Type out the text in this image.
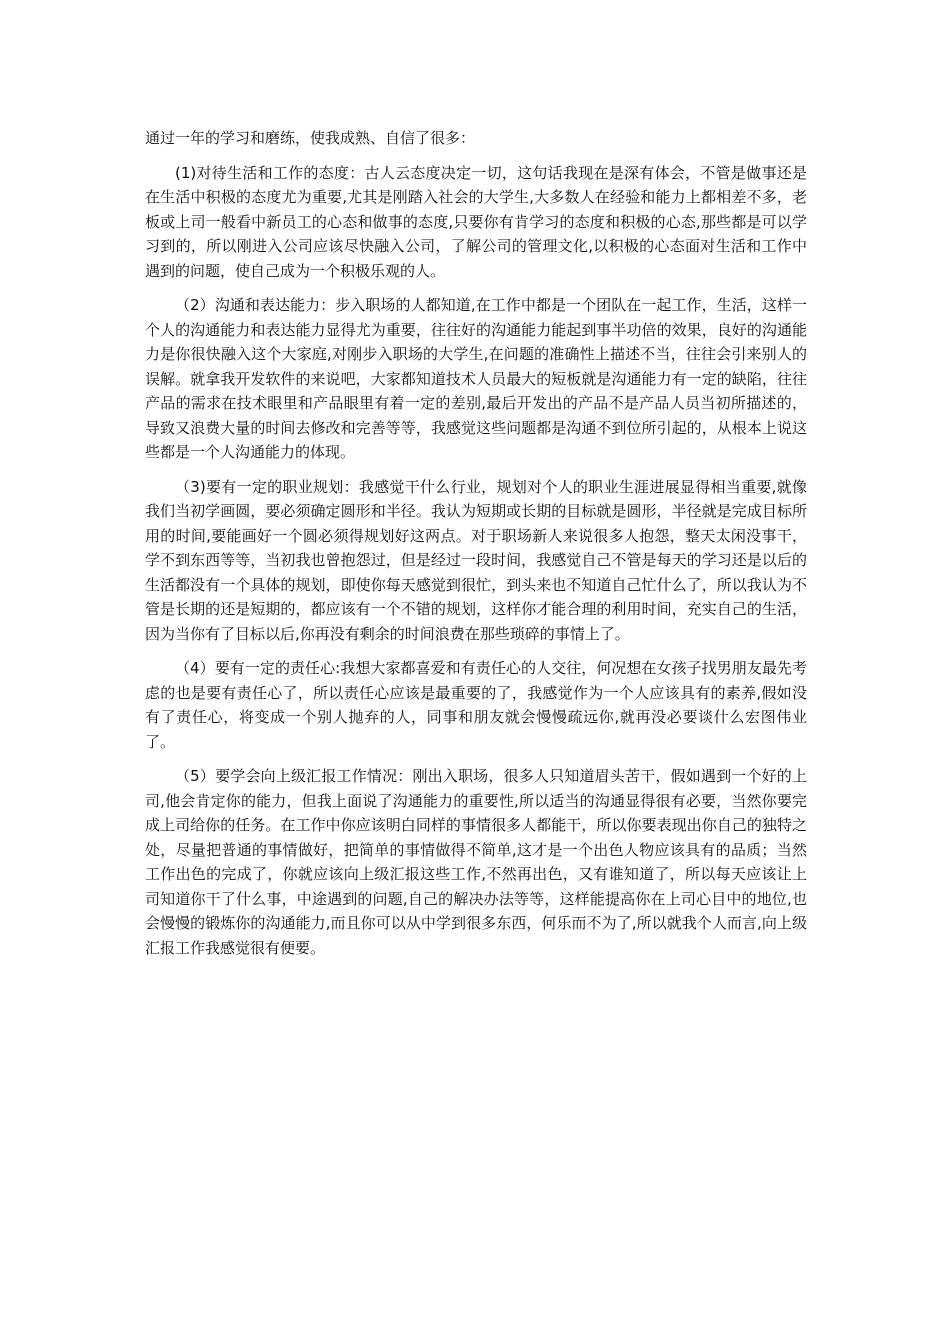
通过一年的学习和磨练，使我成熟、自信了很多：

(1)对待生活和工作的态度：古人云态度决定一切，这句话我现在是深有体会，不管是做事还是在生活中积极的态度尤为重要,尤其是刚踏入社会的大学生,大多数人在经验和能力上都相差不多，老板或上司一般看中新员工的心态和做事的态度,只要你有肯学习的态度和积极的心态,那些都是可以学习到的，所以刚进入公司应该尽快融入公司，了解公司的管理文化,以积极的心态面对生活和工作中遇到的问题，使自己成为一个积极乐观的人。

（2）沟通和表达能力：步入职场的人都知道,在工作中都是一个团队在一起工作，生活，这样一个人的沟通能力和表达能力显得尤为重要，往往好的沟通能力能起到事半功倍的效果，良好的沟通能力是你很快融入这个大家庭,对刚步入职场的大学生,在问题的准确性上描述不当，往往会引来别人的误解。就拿我开发软件的来说吧，大家都知道技术人员最大的短板就是沟通能力有一定的缺陷，往往产品的需求在技术眼里和产品眼里有着一定的差别,最后开发出的产品不是产品人员当初所描述的，导致又浪费大量的时间去修改和完善等等，我感觉这些问题都是沟通不到位所引起的，从根本上说这些都是一个人沟通能力的体现。

（3)要有一定的职业规划：我感觉干什么行业，规划对个人的职业生涯进展显得相当重要,就像我们当初学画圆，要必须确定圆形和半径。我认为短期或长期的目标就是圆形，半径就是完成目标所用的时间,要能画好一个圆必须得规划好这两点。对于职场新人来说很多人抱怨，整天太闲没事干，学不到东西等等，当初我也曾抱怨过，但是经过一段时间，我感觉自己不管是每天的学习还是以后的生活都没有一个具体的规划，即使你每天感觉到很忙，到头来也不知道自己忙什么了，所以我认为不管是长期的还是短期的，都应该有一个不错的规划，这样你才能合理的利用时间，充实自己的生活，因为当你有了目标以后,你再没有剩余的时间浪费在那些琐碎的事情上了。

（4）要有一定的责任心:我想大家都喜爱和有责任心的人交往，何况想在女孩子找男朋友最先考虑的也是要有责任心了，所以责任心应该是最重要的了，我感觉作为一个人应该具有的素养,假如没有了责任心，将变成一个别人抛弃的人，同事和朋友就会慢慢疏远你,就再没必要谈什么宏图伟业了。

（5）要学会向上级汇报工作情况：刚出入职场，很多人只知道眉头苦干，假如遇到一个好的上司,他会肯定你的能力，但我上面说了沟通能力的重要性,所以适当的沟通显得很有必要，当然你要完成上司给你的任务。在工作中你应该明白同样的事情很多人都能干，所以你要表现出你自己的独特之处，尽量把普通的事情做好，把简单的事情做得不简单,这才是一个出色人物应该具有的品质；当然工作出色的完成了，你就应该向上级汇报这些工作,不然再出色，又有谁知道了，所以每天应该让上司知道你干了什么事，中途遇到的问题,自己的解决办法等等，这样能提高你在上司心目中的地位,也会慢慢的锻炼你的沟通能力,而且你可以从中学到很多东西，何乐而不为了,所以就我个人而言,向上级汇报工作我感觉很有便要。
